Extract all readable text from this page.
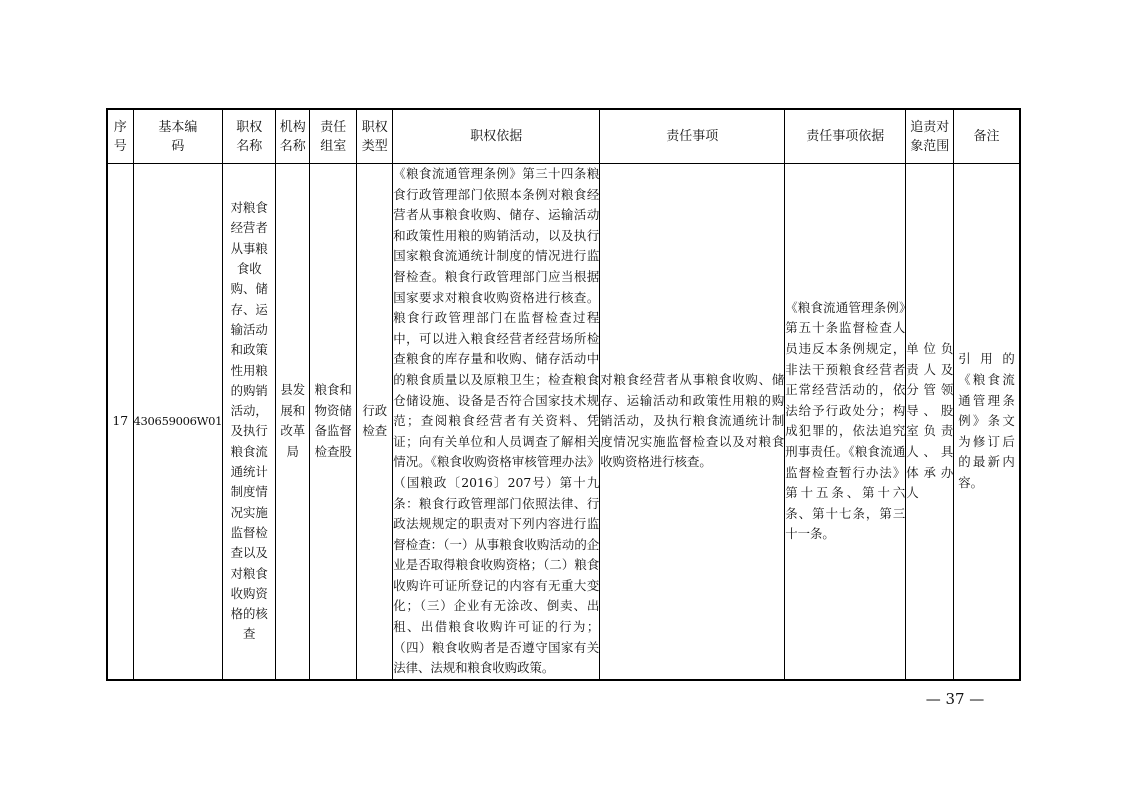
序号	基本编码	职权名称	机构名称	责任组室	职权类型	职权依据	责任事项	责任事项依据	追责对象范围	备注
17	430659006W01	对粮食经营者从事粮食收购、储存、运输活动和政策性用粮的购销活动，及执行粮食流通统计制度情况实施监督检查以及对粮食收购资格的核查	县发展和改革局	粮食和物资储备监督检查股	行政检查	《粮食流通管理条例》第三十四条粮食行政管理部门依照本条例对粮食经营者从事粮食收购、储存、运输活动和政策性用粮的购销活动，以及执行国家粮食流通统计制度的情况进行监督检查。粮食行政管理部门应当根据国家要求对粮食收购资格进行核查。粮食行政管理部门在监督检查过程中，可以进入粮食经营者经营场所检查粮食的库存量和收购、储存活动中的粮食质量以及原粮卫生；检查粮食仓储设施、设备是否符合国家技术规范；查阅粮食经营者有关资料、凭证；向有关单位和人员调查了解相关情况。《粮食收购资格审核管理办法》（国粮政〔2016〕207号）第十九条：粮食行政管理部门依照法律、行政法规规定的职责对下列内容进行监督检查：（一）从事粮食收购活动的企业是否取得粮食收购资格；（二）粮食收购许可证所登记的内容有无重大变化；（三）企业有无涂改、倒卖、出租、出借粮食收购许可证的行为；（四）粮食收购者是否遵守国家有关法律、法规和粮食收购政策。	对粮食经营者从事粮食收购、储存、运输活动和政策性用粮的购销活动，及执行粮食流通统计制度情况实施监督检查以及对粮食收购资格进行核查。	《粮食流通管理条例》第五十条监督检查人员违反本条例规定，非法干预粮食经营者正常经营活动的，依法给予行政处分；构成犯罪的，依法追究刑事责任。《粮食流通监督检查暂行办法》第十五条、第十六条、第十七条，第三十一条。	单位负责人及分管领导、股室负责人、具体承办人	引用的《粮食流通管理条例》条文为修订后的最新内容。
— 37 —
